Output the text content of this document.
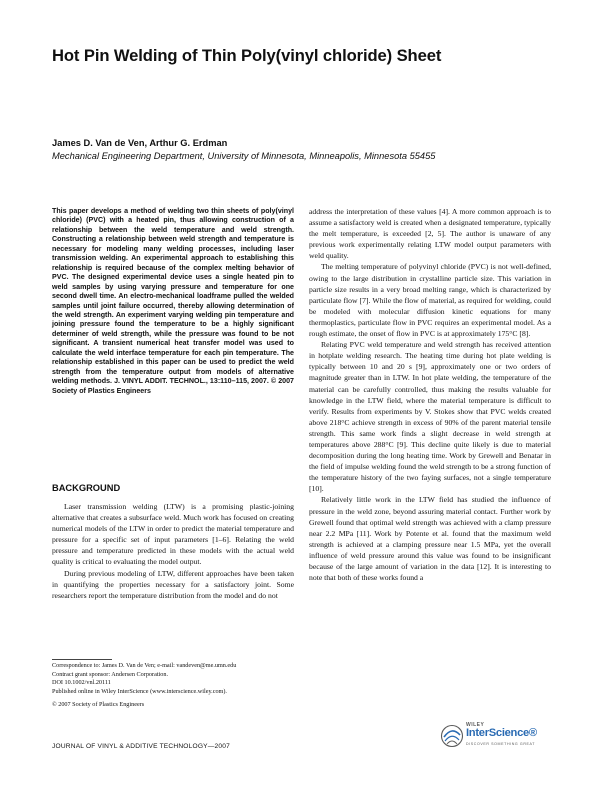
Hot Pin Welding of Thin Poly(vinyl chloride) Sheet

James D. Van de Ven, Arthur G. Erdman

Mechanical Engineering Department, University of Minnesota, Minneapolis, Minnesota 55455

This paper develops a method of welding two thin sheets of poly(vinyl chloride) (PVC) with a heated pin, thus allowing construction of a relationship between the weld temperature and weld strength. Constructing a relationship between weld strength and temperature is necessary for modeling many welding processes, including laser transmission welding. An experimental approach to establishing this relationship is required because of the complex melting behavior of PVC. The designed experimental device uses a single heated pin to weld samples by using varying pressure and temperature for one second dwell time. An electro-mechanical loadframe pulled the welded samples until joint failure occurred, thereby allowing determination of the weld strength. An experiment varying welding pin temperature and joining pressure found the temperature to be a highly significant determiner of weld strength, while the pressure was found to be not significant. A transient numerical heat transfer model was used to calculate the weld interface temperature for each pin temperature. The relationship established in this paper can be used to predict the weld strength from the temperature output from models of alternative welding methods. J. VINYL ADDIT. TECHNOL., 13:110–115, 2007. © 2007 Society of Plastics Engineers

BACKGROUND

Laser transmission welding (LTW) is a promising plastic-joining alternative that creates a subsurface weld. Much work has focused on creating numerical models of the LTW in order to predict the material temperature and pressure for a specific set of input parameters [1–6]. Relating the weld pressure and temperature predicted in these models with the actual weld quality is critical to evaluating the model output.

During previous modeling of LTW, different approaches have been taken in quantifying the properties necessary for a satisfactory joint. Some researchers report the temperature distribution from the model and do not

address the interpretation of these values [4]. A more common approach is to assume a satisfactory weld is created when a designated temperature, typically the melt temperature, is exceeded [2, 5]. The author is unaware of any previous work experimentally relating LTW model output parameters with weld quality.

The melting temperature of polyvinyl chloride (PVC) is not well-defined, owing to the large distribution in crystalline particle size. This variation in particle size results in a very broad melting range, which is characterized by particulate flow [7]. While the flow of material, as required for welding, could be modeled with molecular diffusion kinetic equations for many thermoplastics, particulate flow in PVC requires an experimental model. As a rough estimate, the onset of flow in PVC is at approximately 175°C [8].

Relating PVC weld temperature and weld strength has received attention in hotplate welding research. The heating time during hot plate welding is typically between 10 and 20 s [9], approximately one or two orders of magnitude greater than in LTW. In hot plate welding, the temperature of the material can be carefully controlled, thus making the results valuable for knowledge in the LTW field, where the material temperature is difficult to verify. Results from experiments by V. Stokes show that PVC welds created above 218°C achieve strength in excess of 90% of the parent material tensile strength. This same work finds a slight decrease in weld strength at temperatures above 288°C [9]. This decline quite likely is due to material decomposition during the long heating time. Work by Grewell and Benatar in the field of impulse welding found the weld strength to be a strong function of the temperature history of the two faying surfaces, not a single temperature [10].

Relatively little work in the LTW field has studied the influence of pressure in the weld zone, beyond assuring material contact. Further work by Grewell found that optimal weld strength was achieved with a clamp pressure near 2.2 MPa [11]. Work by Potente et al. found that the maximum weld strength is achieved at a clamping pressure near 1.5 MPa, yet the overall influence of weld pressure around this value was found to be insignificant because of the large amount of variation in the data [12]. It is interesting to note that both of these works found a

Correspondence to: James D. Van de Ven; e-mail: vandeven@me.umn.edu

Contract grant sponsor: Andersen Corporation.

DOI 10.1002/vnl.20111

Published online in Wiley InterScience (www.interscience.wiley.com).

© 2007 Society of Plastics Engineers

JOURNAL OF VINYL & ADDITIVE TECHNOLOGY—2007

WILEY
InterScience®
DISCOVER SOMETHING GREAT
